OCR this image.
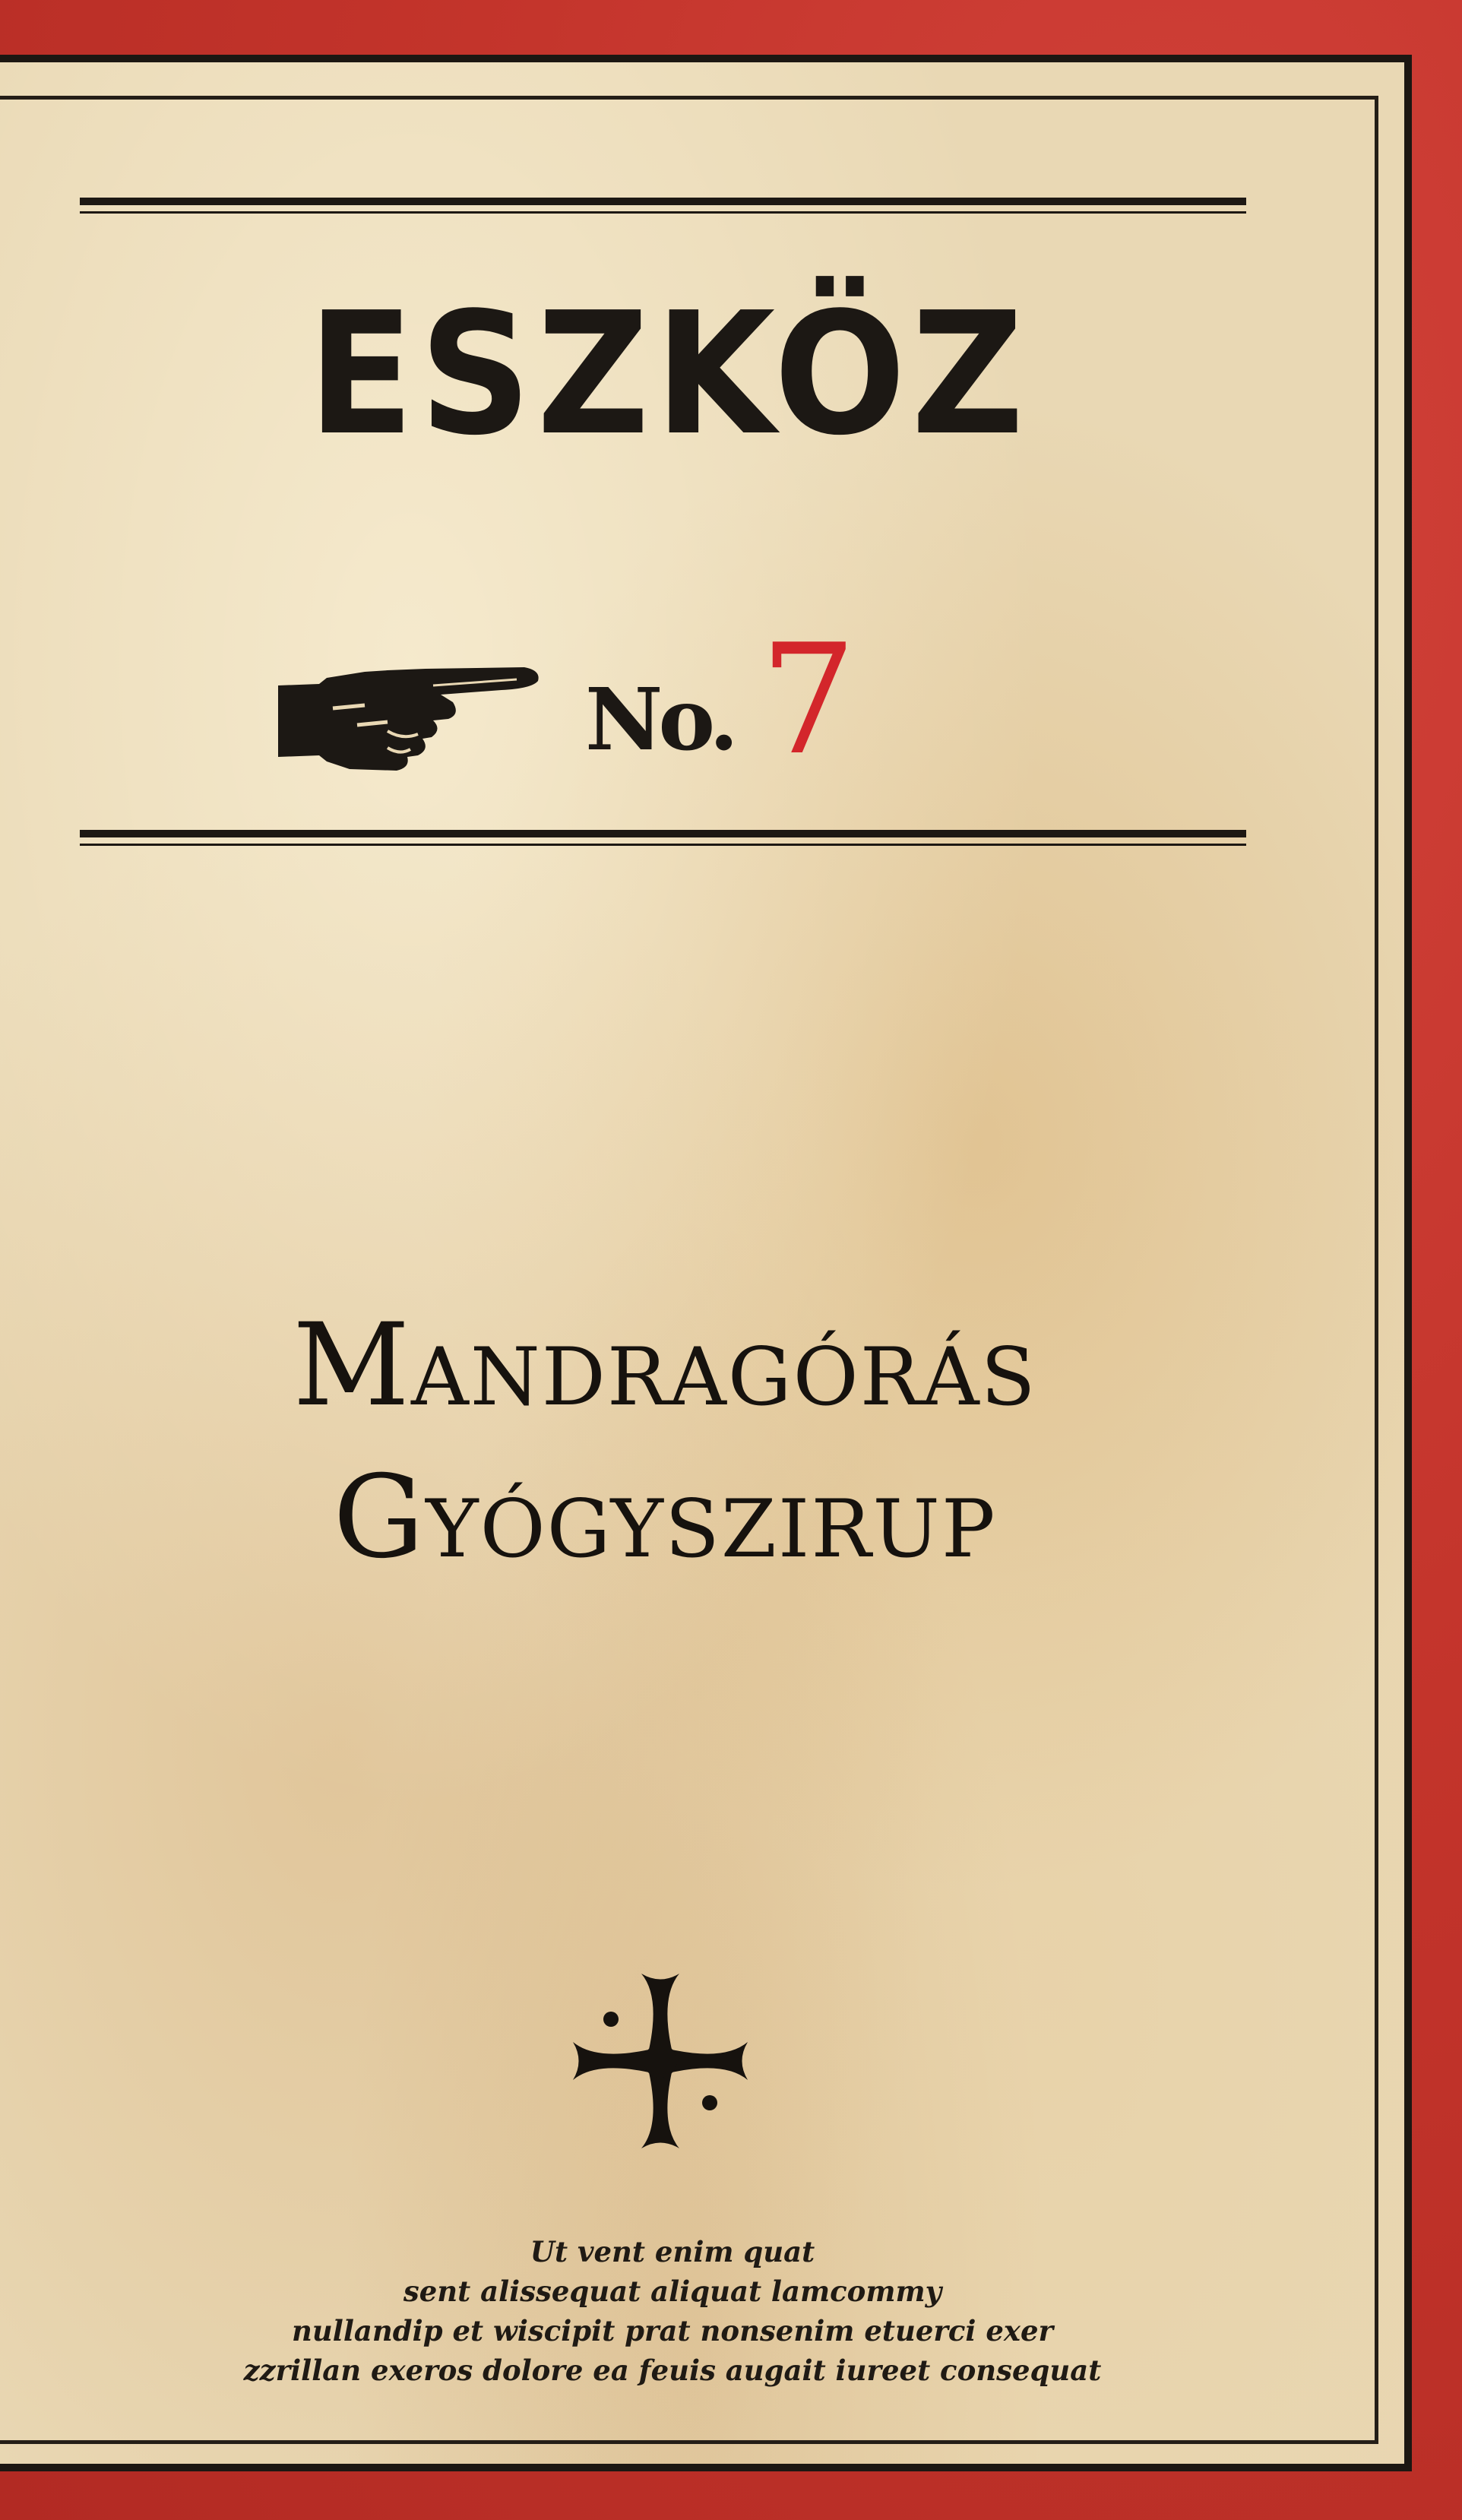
ESZKÖZ
No. 7
Mandragórás
Gyógyszirup
Ut vent enim quat
sent alissequat aliquat lamcommy
nullandip et wiscipit prat nonsenim etuerci exer
zzrillan exeros dolore ea feuis augait iureet consequat
